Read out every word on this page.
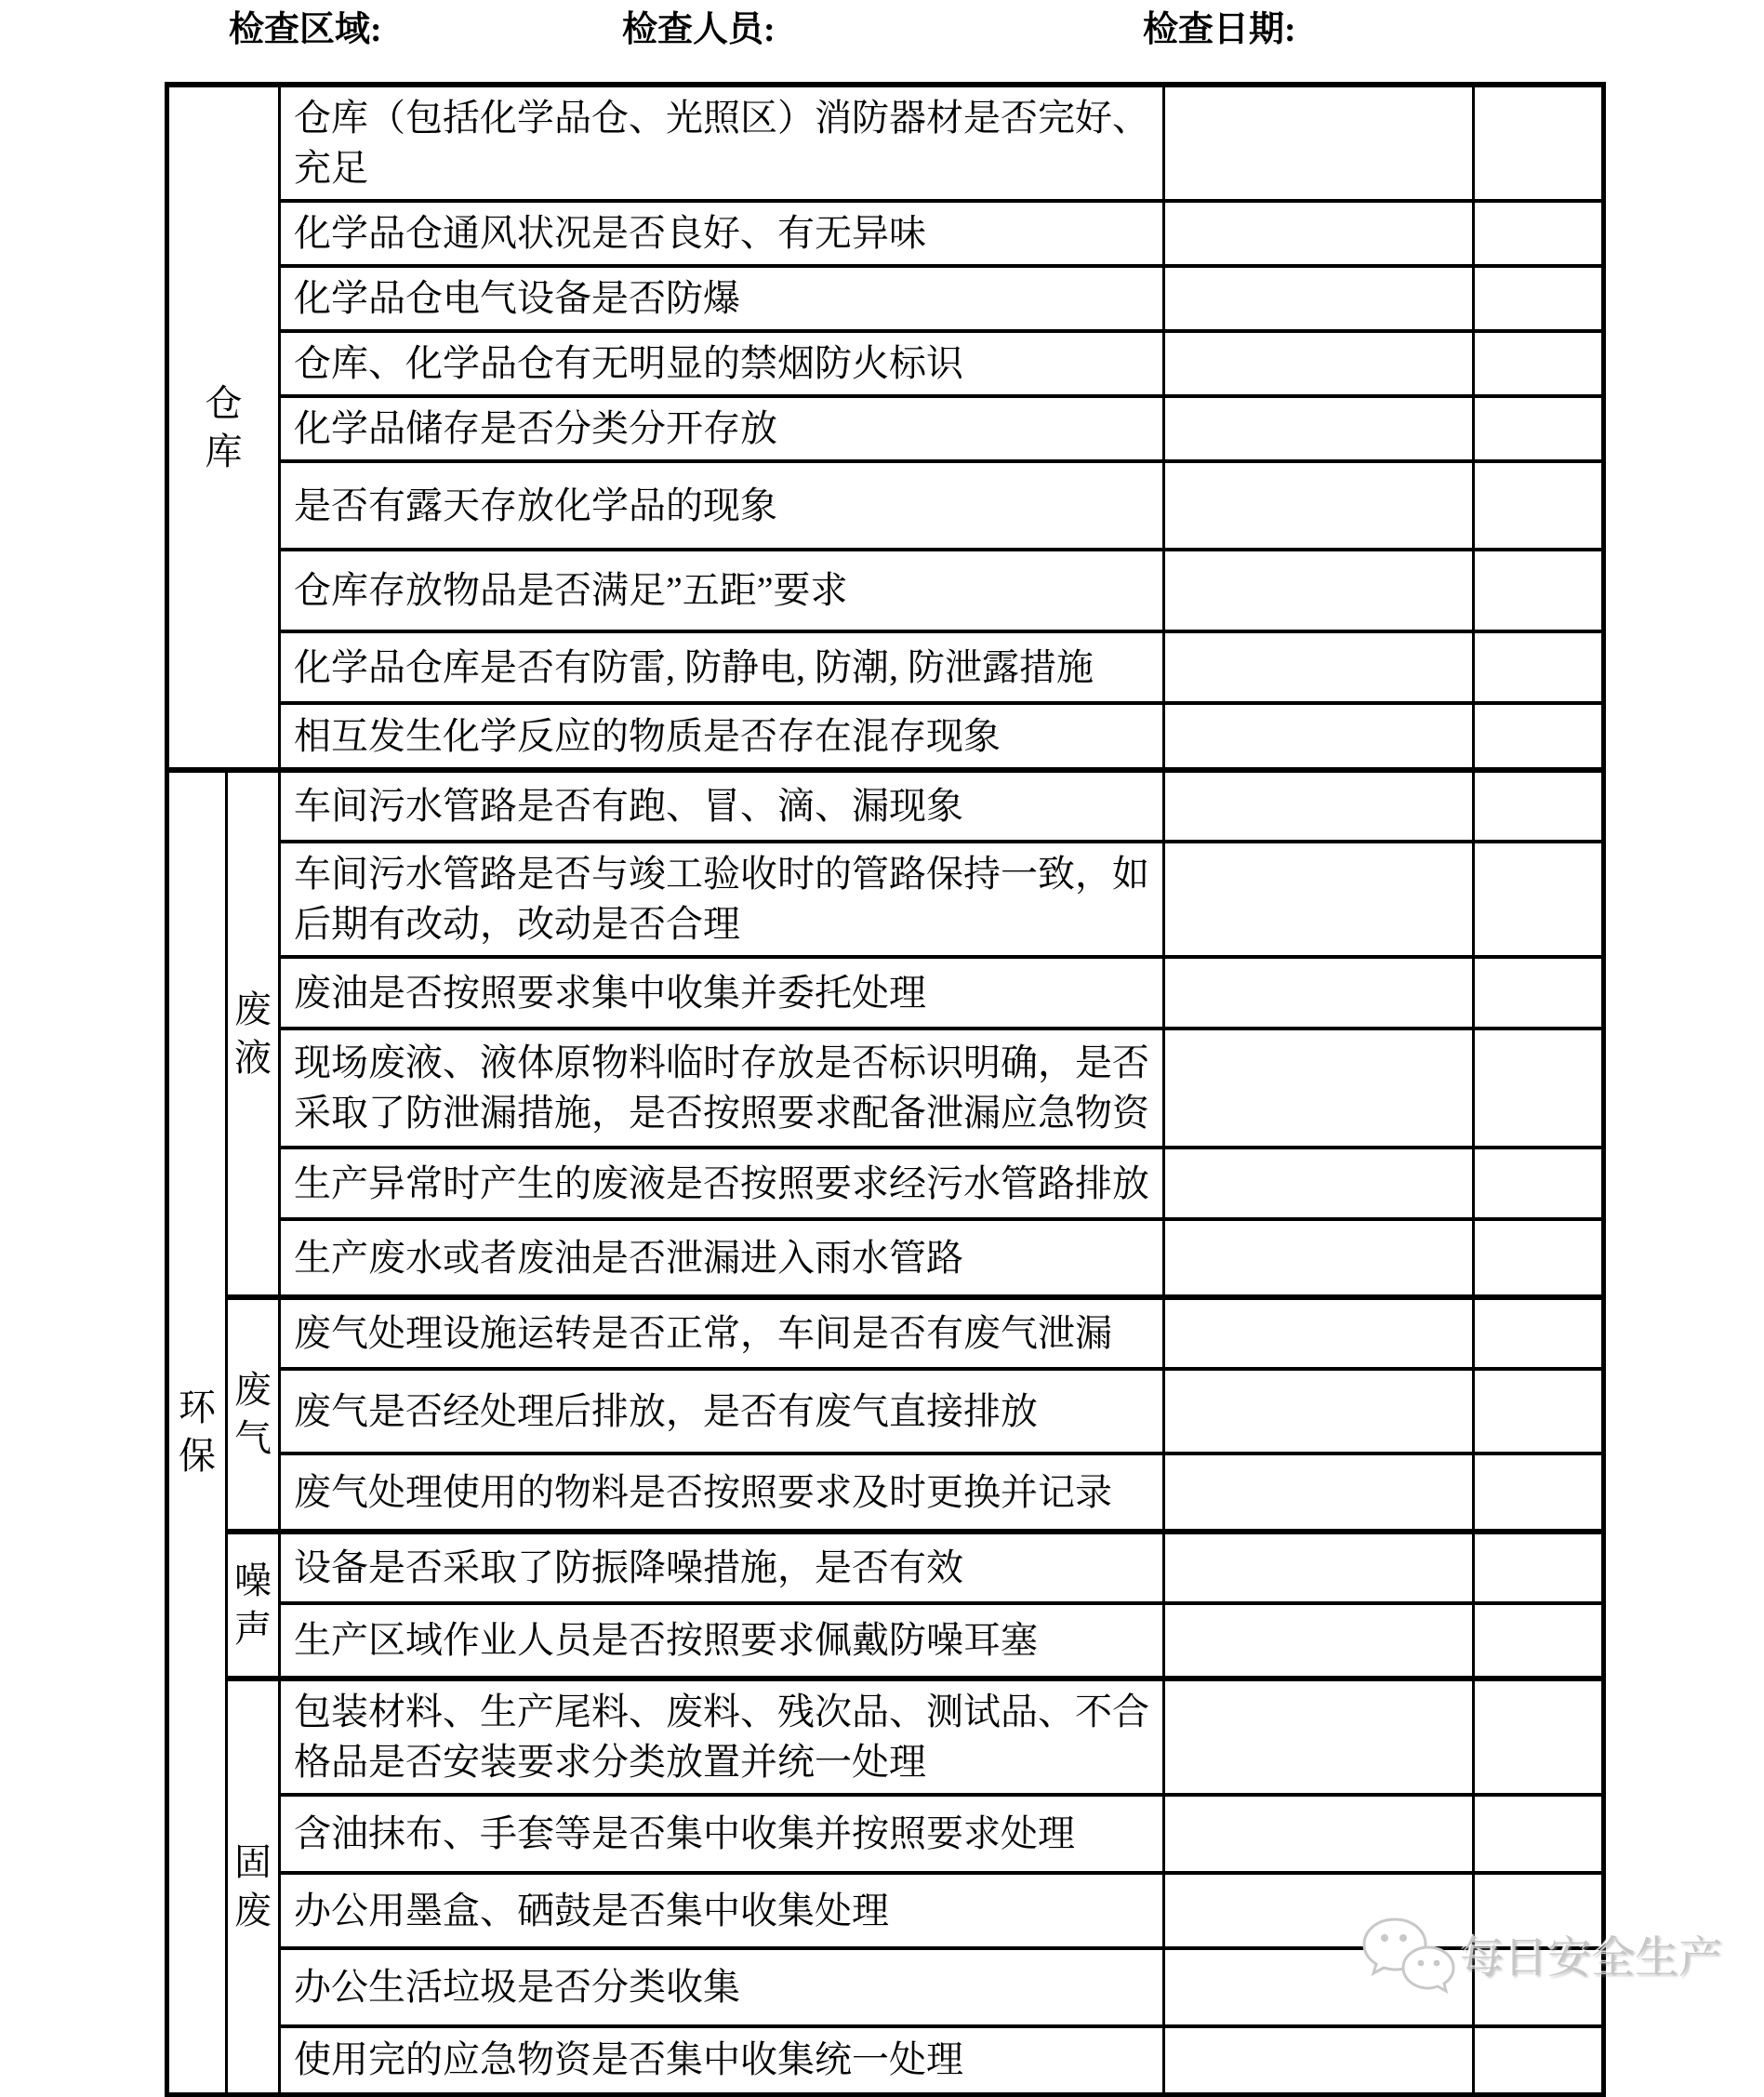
检查区域:	检查人员:	检查日期:
仓库		仓库（包括化学品仓、光照区）消防器材是否完好、充足		
		化学品仓通风状况是否良好、有无异味		
		化学品仓电气设备是否防爆		
		仓库、化学品仓有无明显的禁烟防火标识		
		化学品储存是否分类分开存放		
		是否有露天存放化学品的现象		
		仓库存放物品是否满足”五距”要求		
		化学品仓库是否有防雷, 防静电, 防潮, 防泄露措施		
		相互发生化学反应的物质是否存在混存现象		

环保	废液	车间污水管路是否有跑、冒、滴、漏现象		
		车间污水管路是否与竣工验收时的管路保持一致，如后期有改动，改动是否合理		
		废油是否按照要求集中收集并委托处理		
		现场废液、液体原物料临时存放是否标识明确，是否采取了防泄漏措施，是否按照要求配备泄漏应急物资		
		生产异常时产生的废液是否按照要求经污水管路排放		
		生产废水或者废油是否泄漏进入雨水管路		

	废气	废气处理设施运转是否正常，车间是否有废气泄漏		
		废气是否经处理后排放，是否有废气直接排放		
		废气处理使用的物料是否按照要求及时更换并记录		

	噪声	设备是否采取了防振降噪措施，是否有效		
		生产区域作业人员是否按照要求佩戴防噪耳塞		

	固废	包装材料、生产尾料、废料、残次品、测试品、不合格品是否安装要求分类放置并统一处理		
		含油抹布、手套等是否集中收集并按照要求处理		
		办公用墨盒、硒鼓是否集中收集处理		
		办公生活垃圾是否分类收集		
		使用完的应急物资是否集中收集统一处理		
每日安全生产
